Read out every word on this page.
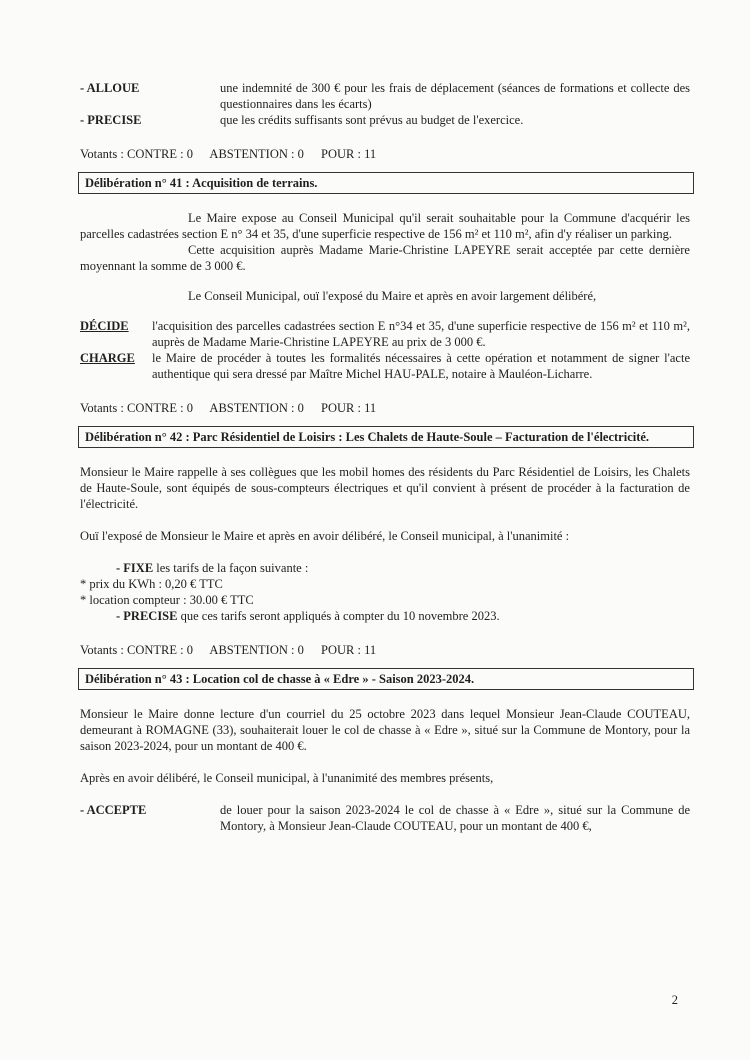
- ALLOUE	une indemnité de 300 € pour les frais de déplacement (séances de formations et collecte des questionnaires dans les écarts)
- PRECISE	que les crédits suffisants sont prévus au budget de l'exercice.
Votants : CONTRE : 0 ABSTENTION : 0 POUR : 11
Délibération n° 41 : Acquisition de terrains.

Le Maire expose au Conseil Municipal qu'il serait souhaitable pour la Commune d'acquérir les parcelles cadastrées section E n° 34 et 35, d'une superficie respective de 156 m² et 110 m², afin d'y réaliser un parking.

Cette acquisition auprès Madame Marie-Christine LAPEYRE serait acceptée par cette dernière moyennant la somme de 3 000 €.

Le Conseil Municipal, ouï l'exposé du Maire et après en avoir largement délibéré,

DÉCIDE	l'acquisition des parcelles cadastrées section E n°34 et 35, d'une superficie respective de 156 m² et 110 m², auprès de Madame Marie-Christine LAPEYRE au prix de 3 000 €.
CHARGE	le Maire de procéder à toutes les formalités nécessaires à cette opération et notamment de signer l'acte authentique qui sera dressé par Maître Michel HAU-PALE, notaire à Mauléon-Licharre.
Votants : CONTRE : 0 ABSTENTION : 0 POUR : 11
Délibération n° 42 : Parc Résidentiel de Loisirs : Les Chalets de Haute-Soule – Facturation de l'électricité.

Monsieur le Maire rappelle à ses collègues que les mobil homes des résidents du Parc Résidentiel de Loisirs, les Chalets de Haute-Soule, sont équipés de sous-compteurs électriques et qu'il convient à présent de procéder à la facturation de l'électricité.

Ouï l'exposé de Monsieur le Maire et après en avoir délibéré, le Conseil municipal, à l'unanimité :

- FIXE les tarifs de la façon suivante :
* prix du KWh : 0,20 € TTC
* location compteur : 30.00 € TTC
- PRECISE que ces tarifs seront appliqués à compter du 10 novembre 2023.
Votants : CONTRE : 0 ABSTENTION : 0 POUR : 11
Délibération n° 43 : Location col de chasse à « Edre » - Saison 2023-2024.

Monsieur le Maire donne lecture d'un courriel du 25 octobre 2023 dans lequel Monsieur Jean-Claude COUTEAU, demeurant à ROMAGNE (33), souhaiterait louer le col de chasse à « Edre », situé sur la Commune de Montory, pour la saison 2023-2024, pour un montant de 400 €.

Après en avoir délibéré, le Conseil municipal, à l'unanimité des membres présents,

- ACCEPTE	de louer pour la saison 2023-2024 le col de chasse à « Edre », situé sur la Commune de Montory, à Monsieur Jean-Claude COUTEAU, pour un montant de 400 €,
2
